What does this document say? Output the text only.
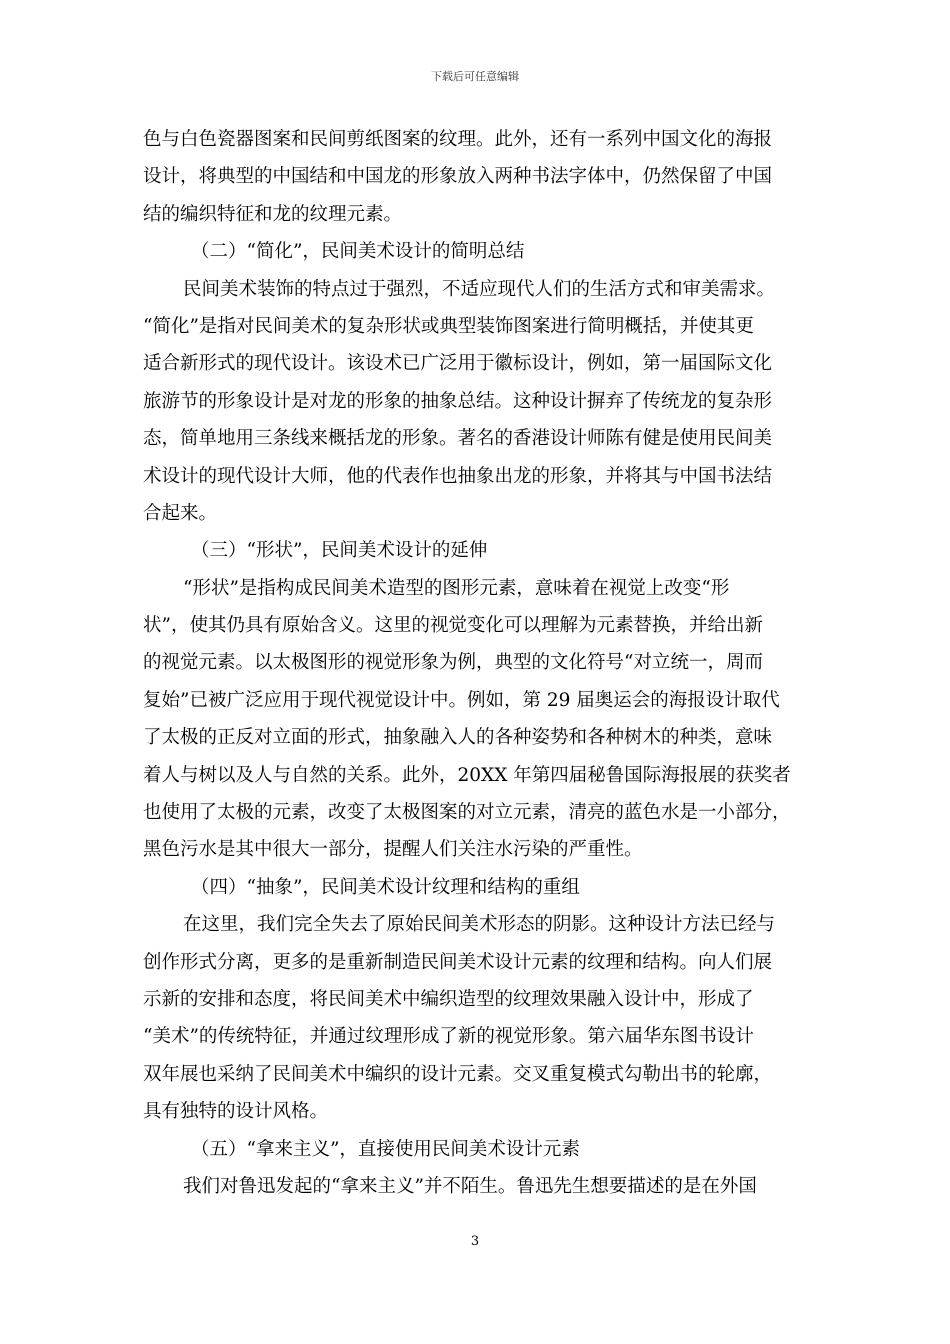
下载后可任意编辑
色与白色瓷器图案和民间剪纸图案的纹理。此外，还有一系列中国文化的海报
设计，将典型的中国结和中国龙的形象放入两种书法字体中，仍然保留了中国
结的编织特征和龙的纹理元素。
（二）“简化”，民间美术设计的简明总结
民间美术装饰的特点过于强烈，不适应现代人们的生活方式和审美需求。
“简化”是指对民间美术的复杂形状或典型装饰图案进行简明概括，并使其更
适合新形式的现代设计。该设术已广泛用于徽标设计，例如，第一届国际文化
旅游节的形象设计是对龙的形象的抽象总结。这种设计摒弃了传统龙的复杂形
态，简单地用三条线来概括龙的形象。著名的香港设计师陈有健是使用民间美
术设计的现代设计大师，他的代表作也抽象出龙的形象，并将其与中国书法结
合起来。
（三）“形状”，民间美术设计的延伸
“形状”是指构成民间美术造型的图形元素，意味着在视觉上改变“形
状”，使其仍具有原始含义。这里的视觉变化可以理解为元素替换，并给出新
的视觉元素。以太极图形的视觉形象为例，典型的文化符号“对立统一，周而
复始”已被广泛应用于现代视觉设计中。例如，第 29 届奥运会的海报设计取代
了太极的正反对立面的形式，抽象融入人的各种姿势和各种树木的种类，意味
着人与树以及人与自然的关系。此外，20XX 年第四届秘鲁国际海报展的获奖者
也使用了太极的元素，改变了太极图案的对立元素，清亮的蓝色水是一小部分，
黑色污水是其中很大一部分，提醒人们关注水污染的严重性。
（四）“抽象”，民间美术设计纹理和结构的重组
在这里，我们完全失去了原始民间美术形态的阴影。这种设计方法已经与
创作形式分离，更多的是重新制造民间美术设计元素的纹理和结构。向人们展
示新的安排和态度，将民间美术中编织造型的纹理效果融入设计中，形成了
“美术”的传统特征，并通过纹理形成了新的视觉形象。第六届华东图书设计
双年展也采纳了民间美术中编织的设计元素。交叉重复模式勾勒出书的轮廓，
具有独特的设计风格。
（五）“拿来主义”，直接使用民间美术设计元素
我们对鲁迅发起的“拿来主义”并不陌生。鲁迅先生想要描述的是在外国
3
